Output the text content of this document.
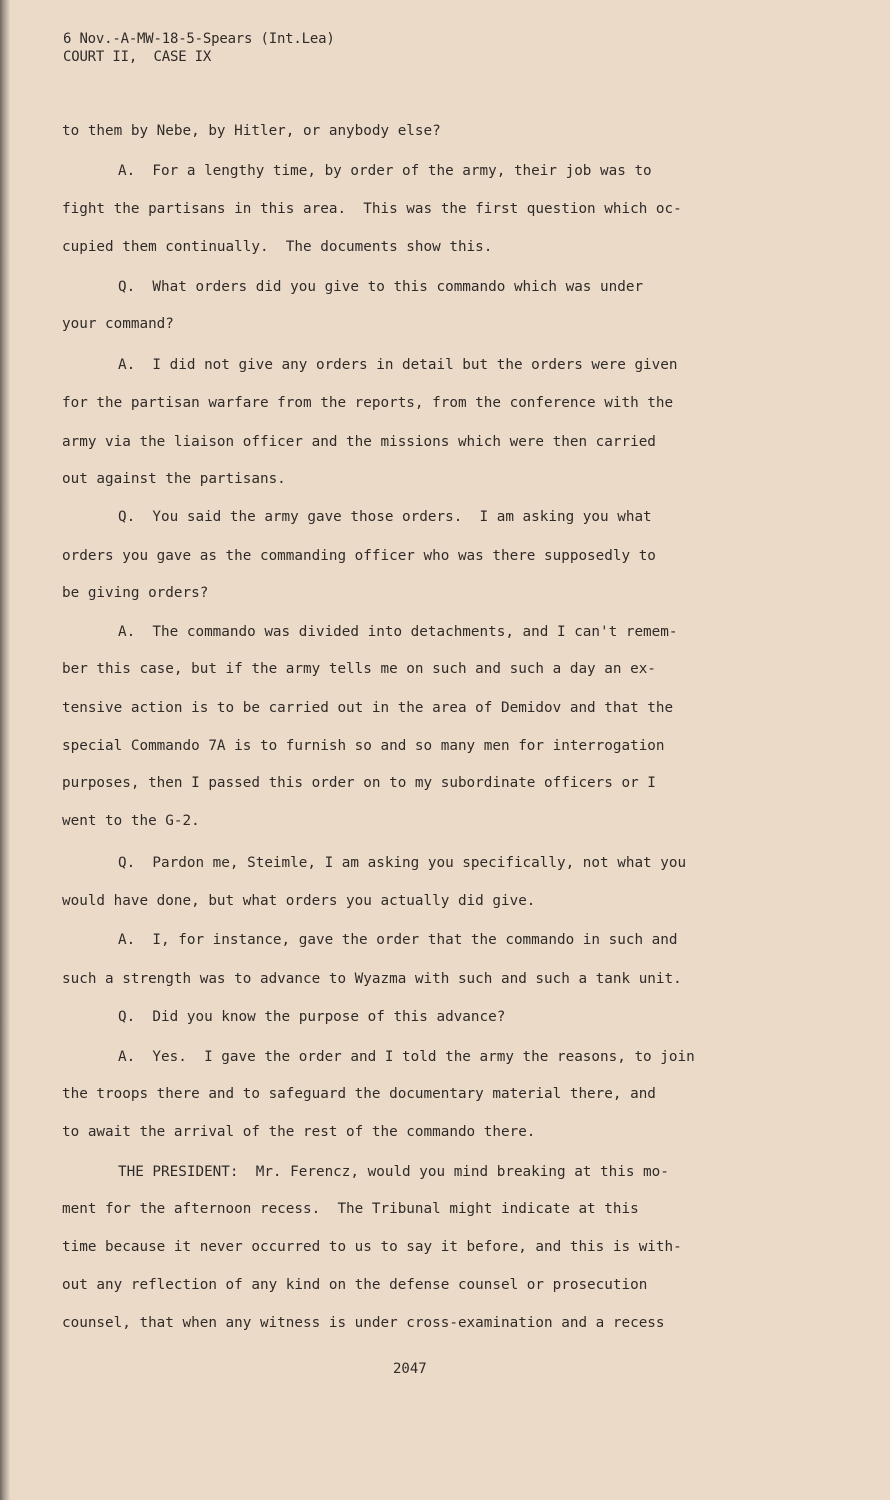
6 Nov.-A-MW-18-5-Spears (Int.Lea)
COURT II,  CASE IX
to them by Nebe, by Hitler, or anybody else?
A.  For a lengthy time, by order of the army, their job was to
fight the partisans in this area.  This was the first question which oc-
cupied them continually.  The documents show this.
Q.  What orders did you give to this commando which was under
your command?
A.  I did not give any orders in detail but the orders were given
for the partisan warfare from the reports, from the conference with the
army via the liaison officer and the missions which were then carried
out against the partisans.
Q.  You said the army gave those orders.  I am asking you what
orders you gave as the commanding officer who was there supposedly to
be giving orders?
A.  The commando was divided into detachments, and I can't remem-
ber this case, but if the army tells me on such and such a day an ex-
tensive action is to be carried out in the area of Demidov and that the
special Commando 7A is to furnish so and so many men for interrogation
purposes, then I passed this order on to my subordinate officers or I
went to the G-2.
Q.  Pardon me, Steimle, I am asking you specifically, not what you
would have done, but what orders you actually did give.
A.  I, for instance, gave the order that the commando in such and
such a strength was to advance to Wyazma with such and such a tank unit.
Q.  Did you know the purpose of this advance?
A.  Yes.  I gave the order and I told the army the reasons, to join
the troops there and to safeguard the documentary material there, and
to await the arrival of the rest of the commando there.
THE PRESIDENT:  Mr. Ferencz, would you mind breaking at this mo-
ment for the afternoon recess.  The Tribunal might indicate at this
time because it never occurred to us to say it before, and this is with-
out any reflection of any kind on the defense counsel or prosecution
counsel, that when any witness is under cross-examination and a recess
2047
